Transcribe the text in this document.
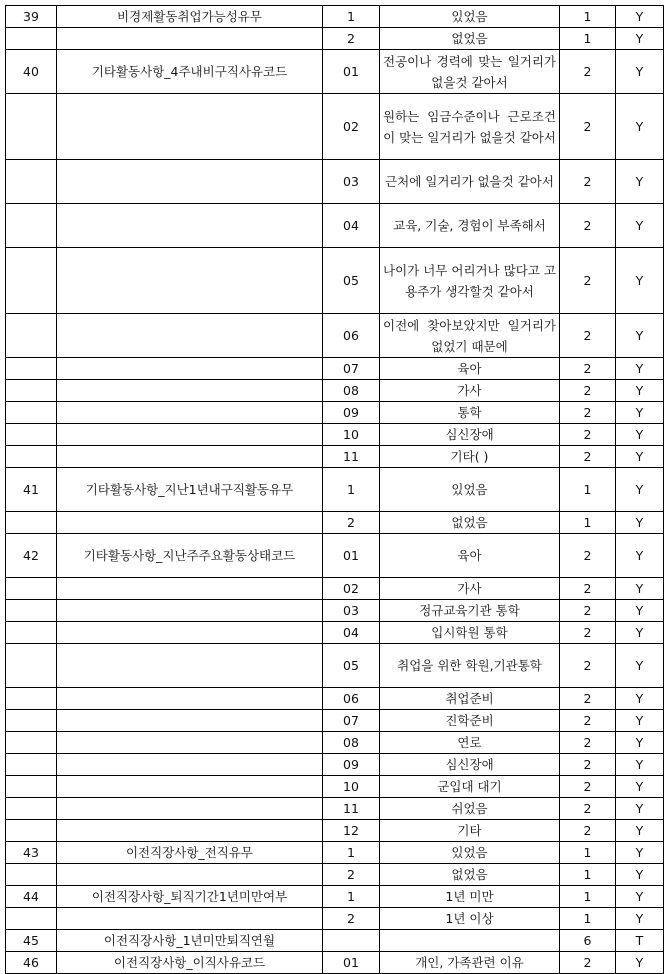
39	비경제활동취업가능성유무	1	있었음	1	Y
		2	없었음	1	Y
40	기타활동사항_4주내비구직사유코드	01	전공이나 경력에 맞는 일거리가 없을것 같아서	2	Y
		02	원하는 임금수준이나 근로조건이 맞는 일거리가 없을것 같아서	2	Y
		03	근처에 일거리가 없을것 같아서	2	Y
		04	교육, 기술, 경험이 부족해서	2	Y
		05	나이가 너무 어리거나 많다고 고용주가 생각할것 같아서	2	Y
		06	이전에 찾아보았지만 일거리가 없었기 때문에	2	Y
		07	육아	2	Y
		08	가사	2	Y
		09	통학	2	Y
		10	심신장애	2	Y
		11	기타( )	2	Y
41	기타활동사항_지난1년내구직활동유무	1	있었음	1	Y
		2	없었음	1	Y
42	기타활동사항_지난주주요활동상태코드	01	육아	2	Y
		02	가사	2	Y
		03	정규교육기관 통학	2	Y
		04	입시학원 통학	2	Y
		05	취업을 위한 학원,기관통학	2	Y
		06	취업준비	2	Y
		07	진학준비	2	Y
		08	연로	2	Y
		09	심신장애	2	Y
		10	군입대 대기	2	Y
		11	쉬었음	2	Y
		12	기타	2	Y
43	이전직장사항_전직유무	1	있었음	1	Y
		2	없었음	1	Y
44	이전직장사항_퇴직기간1년미만여부	1	1년 미만	1	Y
		2	1년 이상	1	Y
45	이전직장사항_1년미만퇴직연월			6	T
46	이전직장사항_이직사유코드	01	개인, 가족관련 이유	2	Y
